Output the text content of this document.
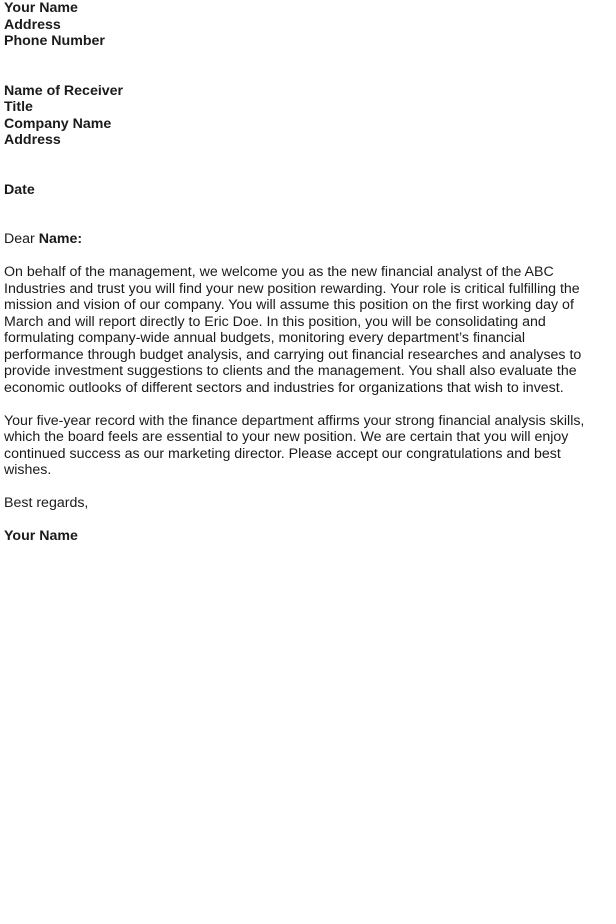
Your Name
Address
Phone Number
Name of Receiver
Title
Company Name
Address
Date
Dear Name:
On behalf of the management, we welcome you as the new financial analyst of the ABC
Industries and trust you will find your new position rewarding. Your role is critical fulfilling the
mission and vision of our company. You will assume this position on the first working day of
March and will report directly to Eric Doe. In this position, you will be consolidating and
formulating company-wide annual budgets, monitoring every department’s financial
performance through budget analysis, and carrying out financial researches and analyses to
provide investment suggestions to clients and the management. You shall also evaluate the
economic outlooks of different sectors and industries for organizations that wish to invest.
Your five-year record with the finance department affirms your strong financial analysis skills,
which the board feels are essential to your new position. We are certain that you will enjoy
continued success as our marketing director. Please accept our congratulations and best
wishes.
Best regards,
Your Name
